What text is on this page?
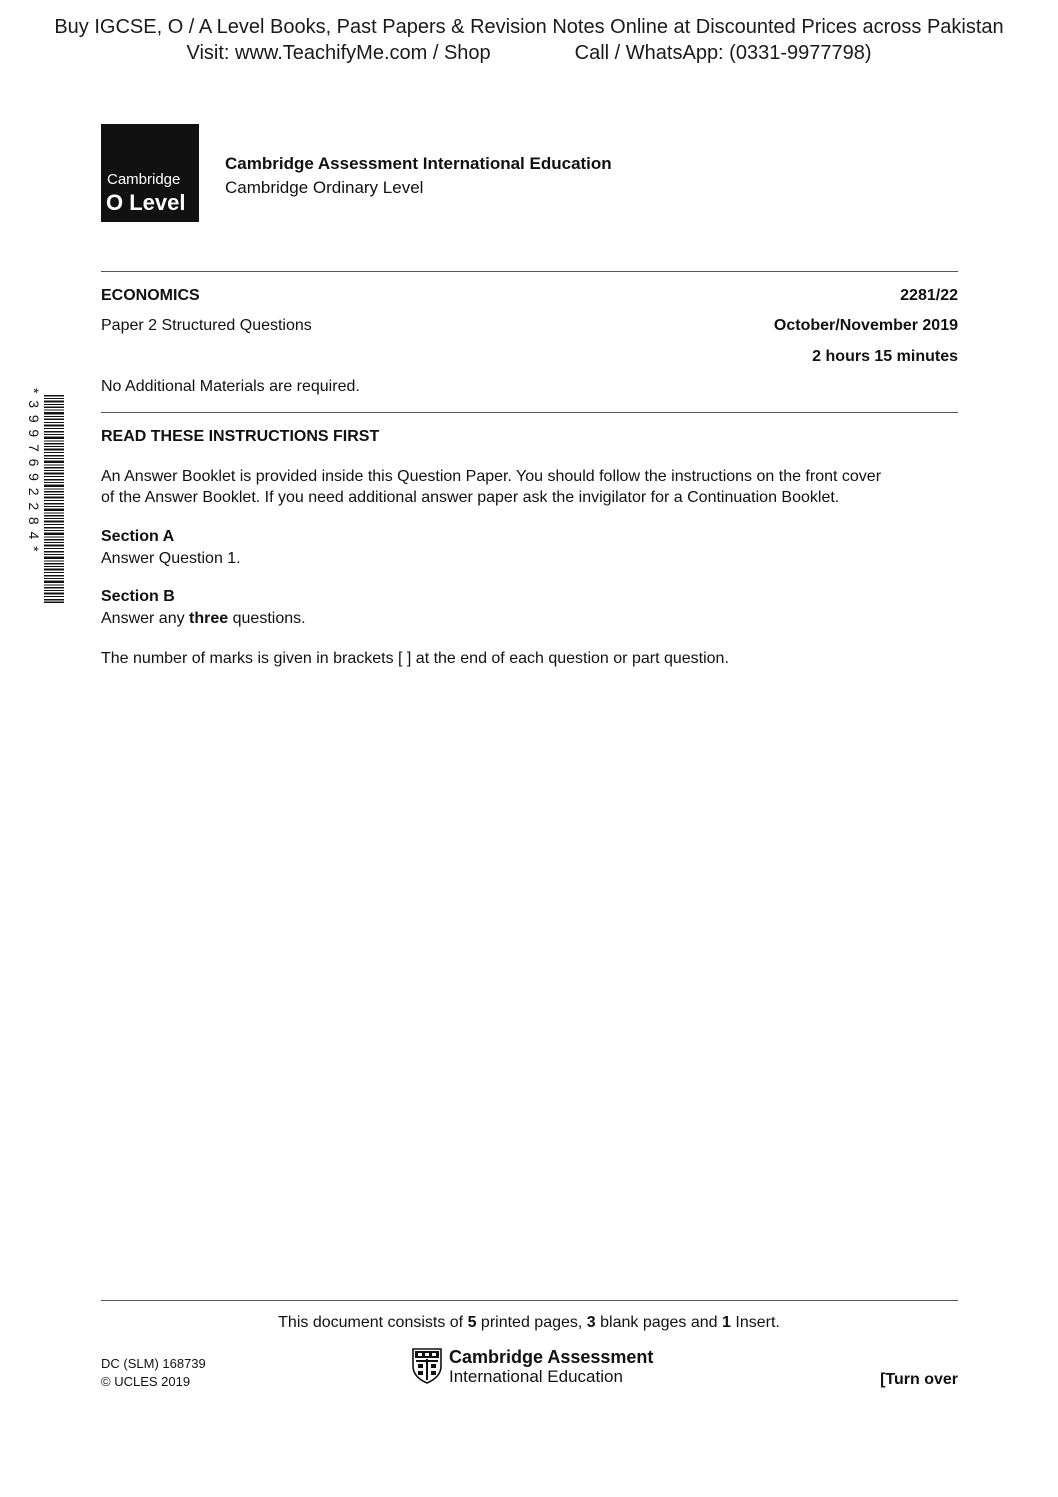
Buy IGCSE, O / A Level Books, Past Papers & Revision Notes Online at Discounted Prices across Pakistan
Visit: www.TeachifyMe.com / Shop	Call / WhatsApp: (0331-9977798)
Cambridge
O Level
Cambridge Assessment International Education
Cambridge Ordinary Level
ECONOMICS	2281/22
Paper 2 Structured Questions	October/November 2019
2 hours 15 minutes
No Additional Materials are required.
*3997692284*	READ THESE INSTRUCTIONS FIRST
An Answer Booklet is provided inside this Question Paper. You should follow the instructions on the front cover
of the Answer Booklet. If you need additional answer paper ask the invigilator for a Continuation Booklet.
Section A
Answer Question 1.
Section B
Answer any three questions.
The number of marks is given in brackets [ ] at the end of each question or part question.
This document consists of 5 printed pages, 3 blank pages and 1 Insert.
DC (SLM) 168739
© UCLES 2019
Cambridge Assessment
International Education	[Turn over
